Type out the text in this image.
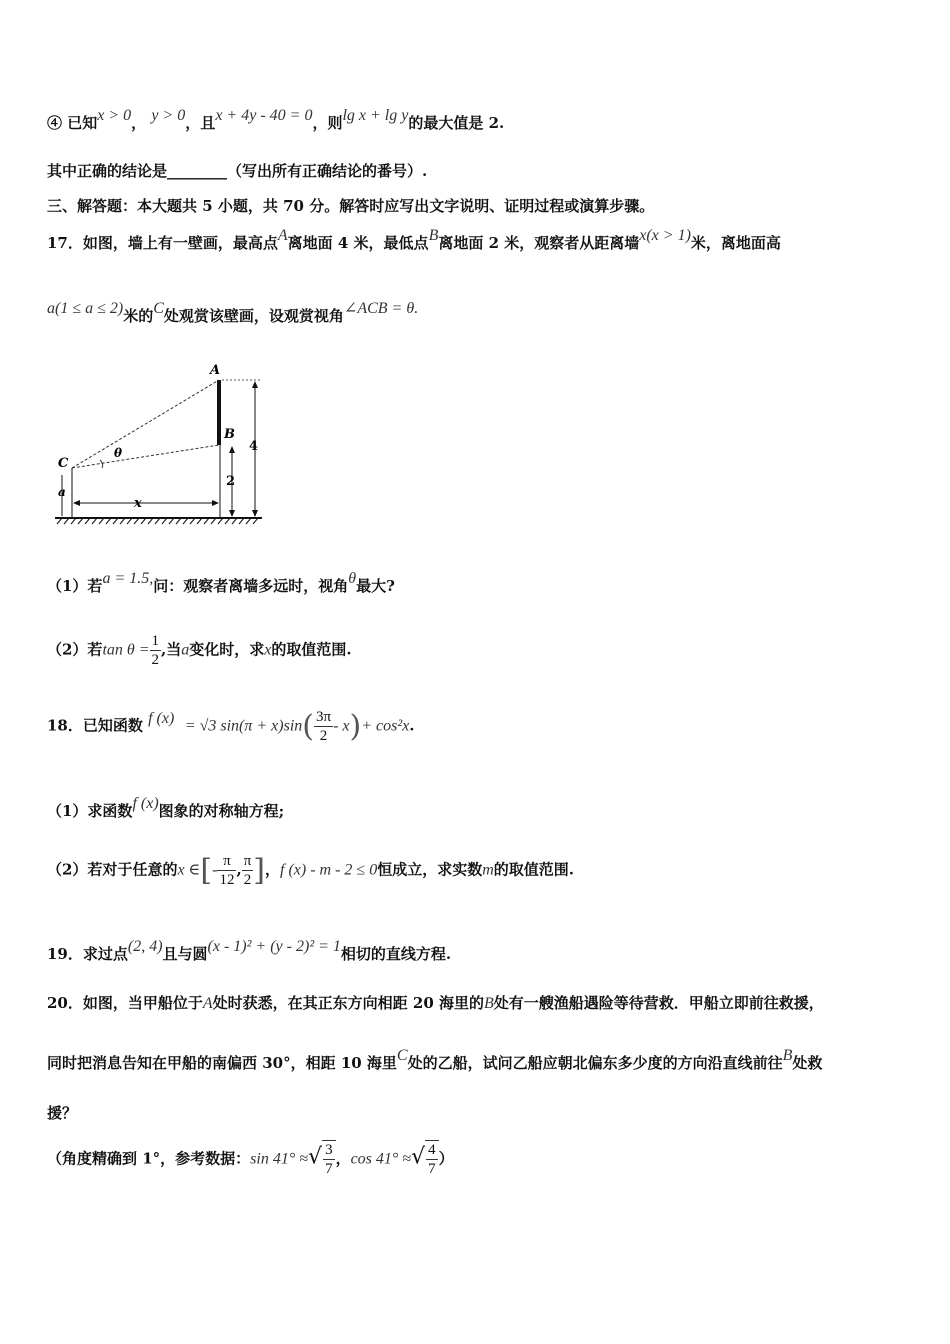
④ 已知x > 0， y > 0，且x + 4y - 40 = 0，则lg x + lg y的最大值是 2.
其中正确的结论是________（写出所有正确结论的番号）.
三、解答题：本大题共 5 小题，共 70 分。解答时应写出文字说明、证明过程或演算步骤。
17．如图，墙上有一壁画，最高点A离地面 4 米，最低点B离地面 2 米，观察者从距离墙x(x > 1)米，离地面高
a(1 ≤ a ≤ 2)米的C处观赏该壁画，设观赏视角∠ACB = θ.
A
B
C
θ
a
x
2
4
（1）若a = 1.5,问：观察者离墙多远时，视角θ最大?
（2）若$\tan \theta = \frac{1}{2}$ ,当a变化时，求x的取值范围.
18．已知函数 f (x) = √3 $\sin(\pi + x)\sin( \frac{3\pi}{2} - x)+ \cos^2x$.
（1）求函数f (x)图象的对称轴方程;
（2）若对于任意的x ∈[- $\frac{\pi}{12}$ , $\frac{\pi}{2}$ ]，f (x) - m - 2 ≤ 0恒成立，求实数m的取值范围.
19．求过点(2, 4)且与圆(x - 1)² + (y - 2)² = 1相切的直线方程.
20．如图，当甲船位于A处时获悉，在其正东方向相距 20 海里的B处有一艘渔船遇险等待营救．甲船立即前往救援，
同时把消息告知在甲船的南偏西 30°，相距 10 海里C处的乙船，试问乙船应朝北偏东多少度的方向沿直线前往B处救
援？
（角度精确到 1°，参考数据：sin 41° ≈√ $\frac{3}{7}$ ，cos 41° ≈√ $\frac{4}{7}$ ）
